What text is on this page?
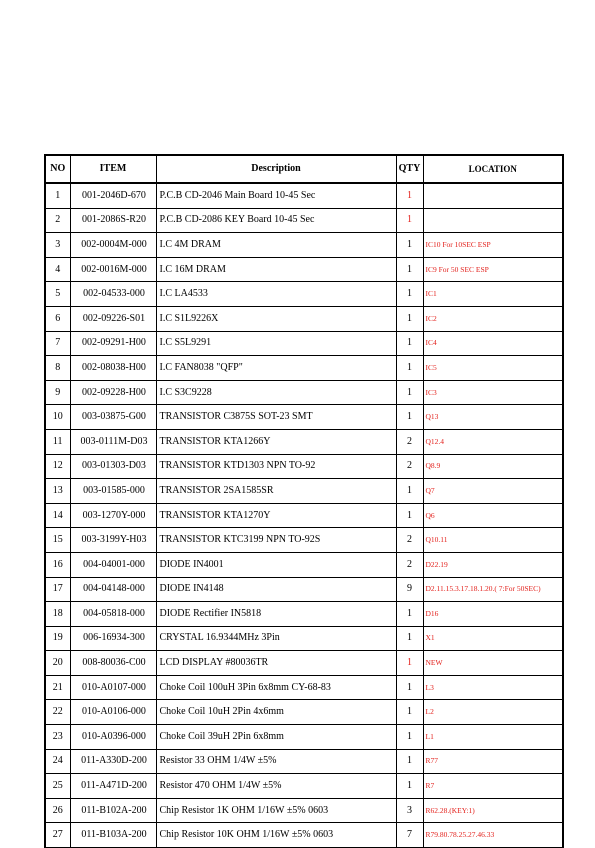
NO	ITEM	Description	QTY	LOCATION
1	001-2046D-670	P.C.B CD-2046 Main Board 10-45 Sec	1	
2	001-2086S-R20	P.C.B CD-2086 KEY Board 10-45 Sec	1	
3	002-0004M-000	I.C 4M DRAM	1	IC10 For 10SEC ESP
4	002-0016M-000	I.C 16M DRAM	1	IC9 For 50 SEC ESP
5	002-04533-000	I.C LA4533	1	IC1
6	002-09226-S01	I.C S1L9226X	1	IC2
7	002-09291-H00	I.C S5L9291	1	IC4
8	002-08038-H00	I.C FAN8038 "QFP"	1	IC5
9	002-09228-H00	I.C S3C9228	1	IC3
10	003-03875-G00	TRANSISTOR C3875S SOT-23 SMT	1	Q13
11	003-0111M-D03	TRANSISTOR KTA1266Y	2	Q12.4
12	003-01303-D03	TRANSISTOR KTD1303 NPN TO-92	2	Q8.9
13	003-01585-000	TRANSISTOR 2SA1585SR	1	Q7
14	003-1270Y-000	TRANSISTOR KTA1270Y	1	Q6
15	003-3199Y-H03	TRANSISTOR KTC3199 NPN TO-92S	2	Q10.11
16	004-04001-000	DIODE IN4001	2	D22.19
17	004-04148-000	DIODE IN4148	9	D2.11.15.3.17.18.1.20.( 7:For 50SEC)
18	004-05818-000	DIODE Rectifier IN5818	1	D16
19	006-16934-300	CRYSTAL 16.9344MHz 3Pin	1	X1
20	008-80036-C00	LCD DISPLAY #80036TR	1	NEW
21	010-A0107-000	Choke Coil 100uH 3Pin 6x8mm CY-68-83	1	L3
22	010-A0106-000	Choke Coil 10uH 2Pin 4x6mm	1	L2
23	010-A0396-000	Choke Coil 39uH 2Pin 6x8mm	1	L1
24	011-A330D-200	Resistor 33 OHM 1/4W ±5%	1	R77
25	011-A471D-200	Resistor 470 OHM 1/4W ±5%	1	R7
26	011-B102A-200	Chip Resistor 1K OHM 1/16W ±5% 0603	3	R62.28.(KEY:1)
27	011-B103A-200	Chip Resistor 10K OHM 1/16W ±5% 0603	7	R79.80.78.25.27.46.33
